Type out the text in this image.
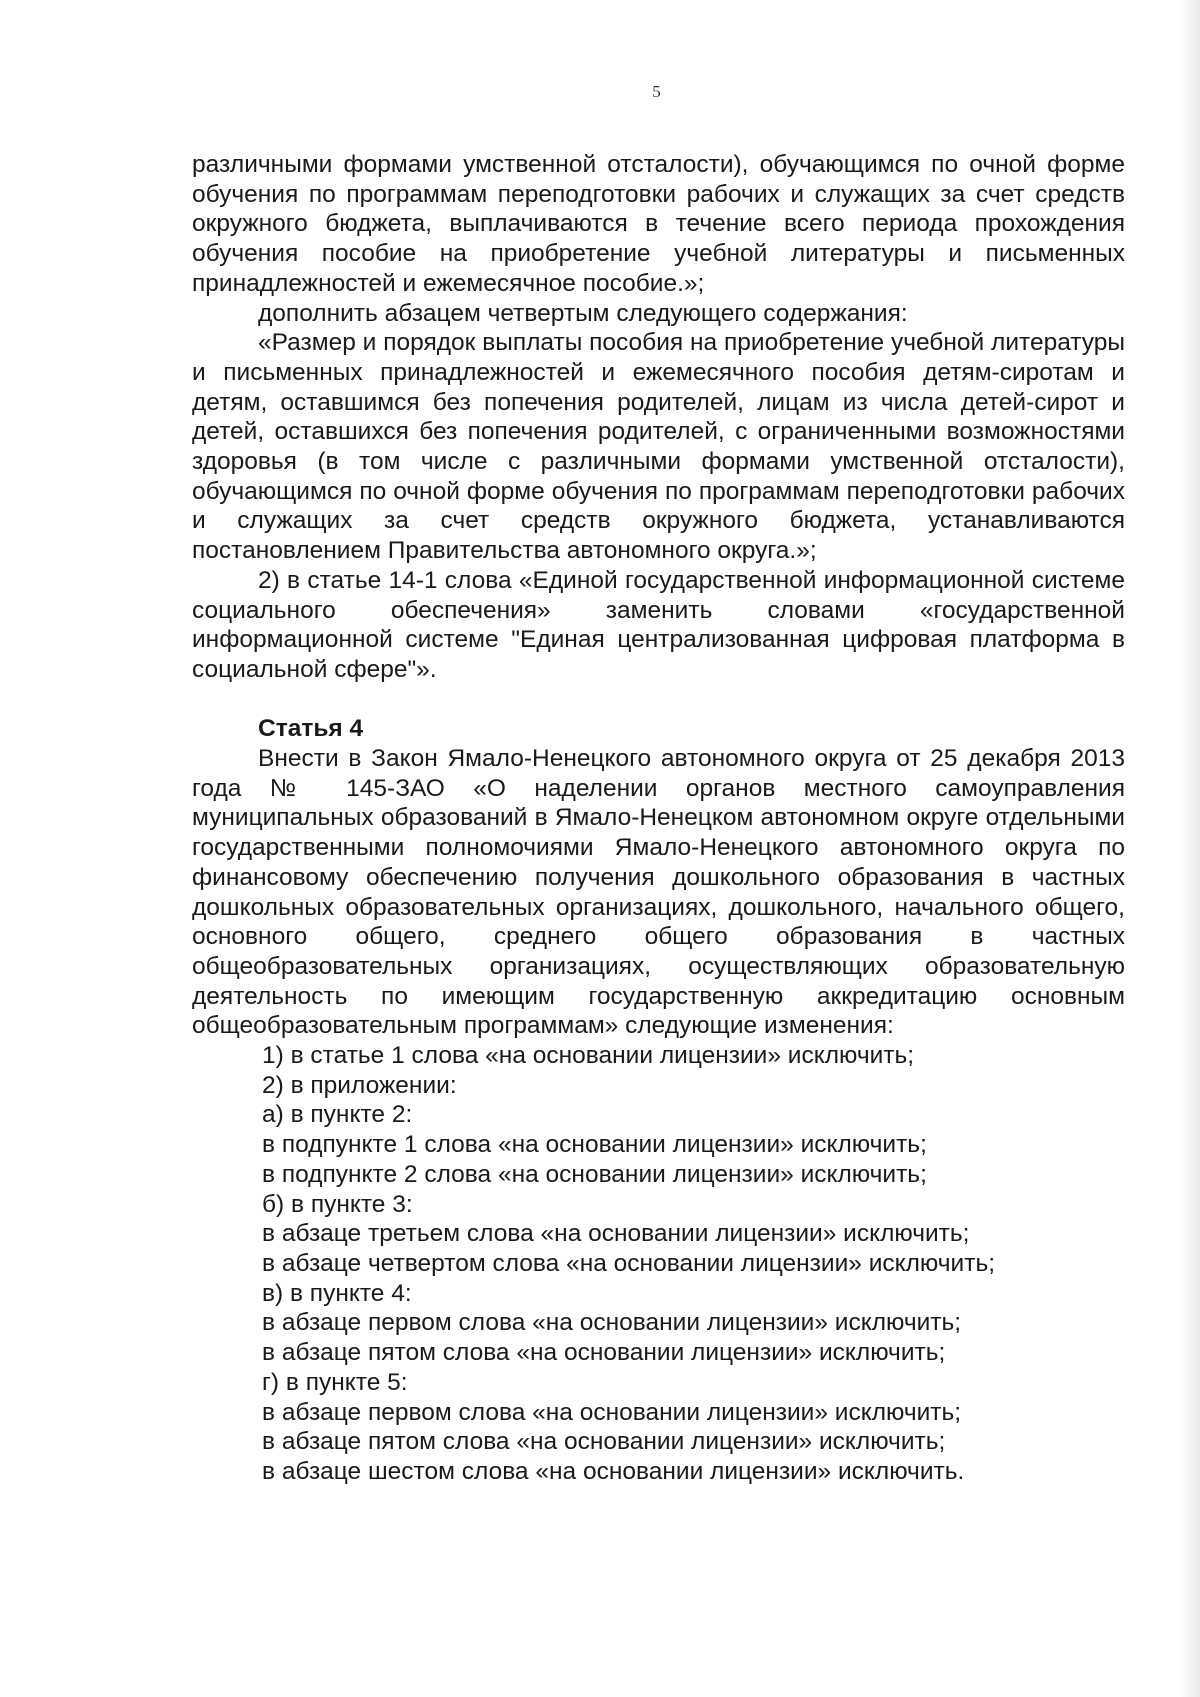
5

различными формами умственной отсталости), обучающимся по очной форме обучения по программам переподготовки рабочих и служащих за счет средств окружного бюджета, выплачиваются в течение всего периода прохождения обучения пособие на приобретение учебной литературы и письменных принадлежностей и ежемесячное пособие.»;

дополнить абзацем четвертым следующего содержания:

«Размер и порядок выплаты пособия на приобретение учебной литературы и письменных принадлежностей и ежемесячного пособия детям-сиротам и детям, оставшимся без попечения родителей, лицам из числа детей-сирот и детей, оставшихся без попечения родителей, с ограниченными возможностями здоровья (в том числе с различными формами умственной отсталости), обучающимся по очной форме обучения по программам переподготовки рабочих и служащих за счет средств окружного бюджета, устанавливаются постановлением Правительства автономного округа.»;

2) в статье 14-1 слова «Единой государственной информационной системе социального обеспечения» заменить словами «государственной информационной системе "Единая централизованная цифровая платформа в социальной сфере"».

Статья 4

Внести в Закон Ямало-Ненецкого автономного округа от 25 декабря 2013 года № 145-ЗАО «О наделении органов местного самоуправления муниципальных образований в Ямало-Ненецком автономном округе отдельными государственными полномочиями Ямало-Ненецкого автономного округа по финансовому обеспечению получения дошкольного образования в частных дошкольных образовательных организациях, дошкольного, начального общего, основного общего, среднего общего образования в частных общеобразовательных организациях, осуществляющих образовательную деятельность по имеющим государственную аккредитацию основным общеобразовательным программам» следующие изменения:

1) в статье 1 слова «на основании лицензии» исключить;

2) в приложении:

а) в пункте 2:

в подпункте 1 слова «на основании лицензии» исключить;

в подпункте 2 слова «на основании лицензии» исключить;

б) в пункте 3:

в абзаце третьем слова «на основании лицензии» исключить;

в абзаце четвертом слова «на основании лицензии» исключить;

в) в пункте 4:

в абзаце первом слова «на основании лицензии» исключить;

в абзаце пятом слова «на основании лицензии» исключить;

г) в пункте 5:

в абзаце первом слова «на основании лицензии» исключить;

в абзаце пятом слова «на основании лицензии» исключить;

в абзаце шестом слова «на основании лицензии» исключить.
